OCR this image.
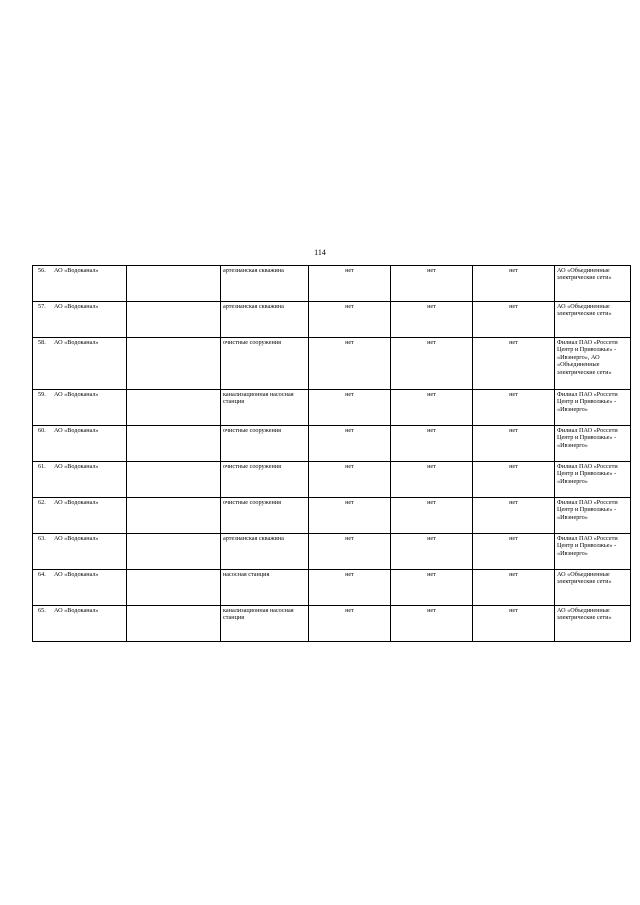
114
56. АО «Водоканал»		артезианская скважина	нет	нет	нет	АО «Объединенные электрические сети»
57. АО «Водоканал»		артезианская скважина	нет	нет	нет	АО «Объединенные электрические сети»
58. АО «Водоканал»		очистные сооружения	нет	нет	нет	Филиал ПАО «Россети Центр и Приволжье» - «Ивэнерго», АО «Объединенные электрические сети»
59. АО «Водоканал»		канализационная насосная станция	нет	нет	нет	Филиал ПАО «Россети Центр и Приволжье» - «Ивэнерго»
60. АО «Водоканал»		очистные сооружения	нет	нет	нет	Филиал ПАО «Россети Центр и Приволжье» - «Ивэнерго»
61. АО «Водоканал»		очистные сооружения	нет	нет	нет	Филиал ПАО «Россети Центр и Приволжье» - «Ивэнерго»
62. АО «Водоканал»		очистные сооружения	нет	нет	нет	Филиал ПАО «Россети Центр и Приволжье» - «Ивэнерго»
63. АО «Водоканал»		артезианская скважина	нет	нет	нет	Филиал ПАО «Россети Центр и Приволжье» - «Ивэнерго»
64. АО «Водоканал»		насосная станция	нет	нет	нет	АО «Объединенные электрические сети»
65. АО «Водоканал»		канализационная насосная станция	нет	нет	нет	АО «Объединенные электрические сети»
